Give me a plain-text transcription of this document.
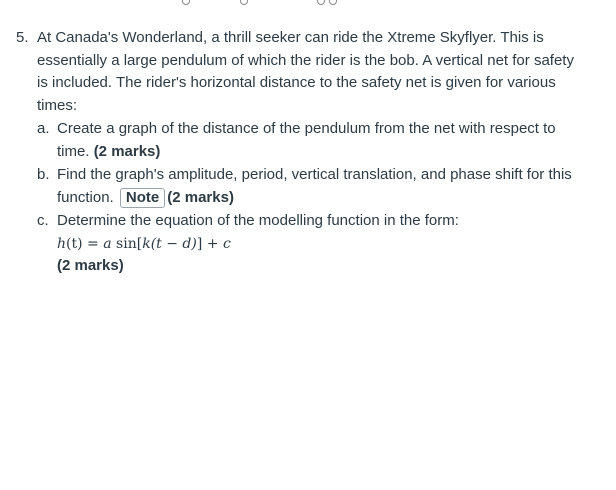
5. At Canada's Wonderland, a thrill seeker can ride the Xtreme Skyflyer. This is essentially a large pendulum of which the rider is the bob. A vertical net for safety is included. The rider's horizontal distance to the safety net is given for various times:
a. Create a graph of the distance of the pendulum from the net with respect to time. (2 marks)
b. Find the graph's amplitude, period, vertical translation, and phase shift for this function. Note (2 marks)
c. Determine the equation of the modelling function in the form:
h(t) = a sin[k(t − d)] + c
(2 marks)
